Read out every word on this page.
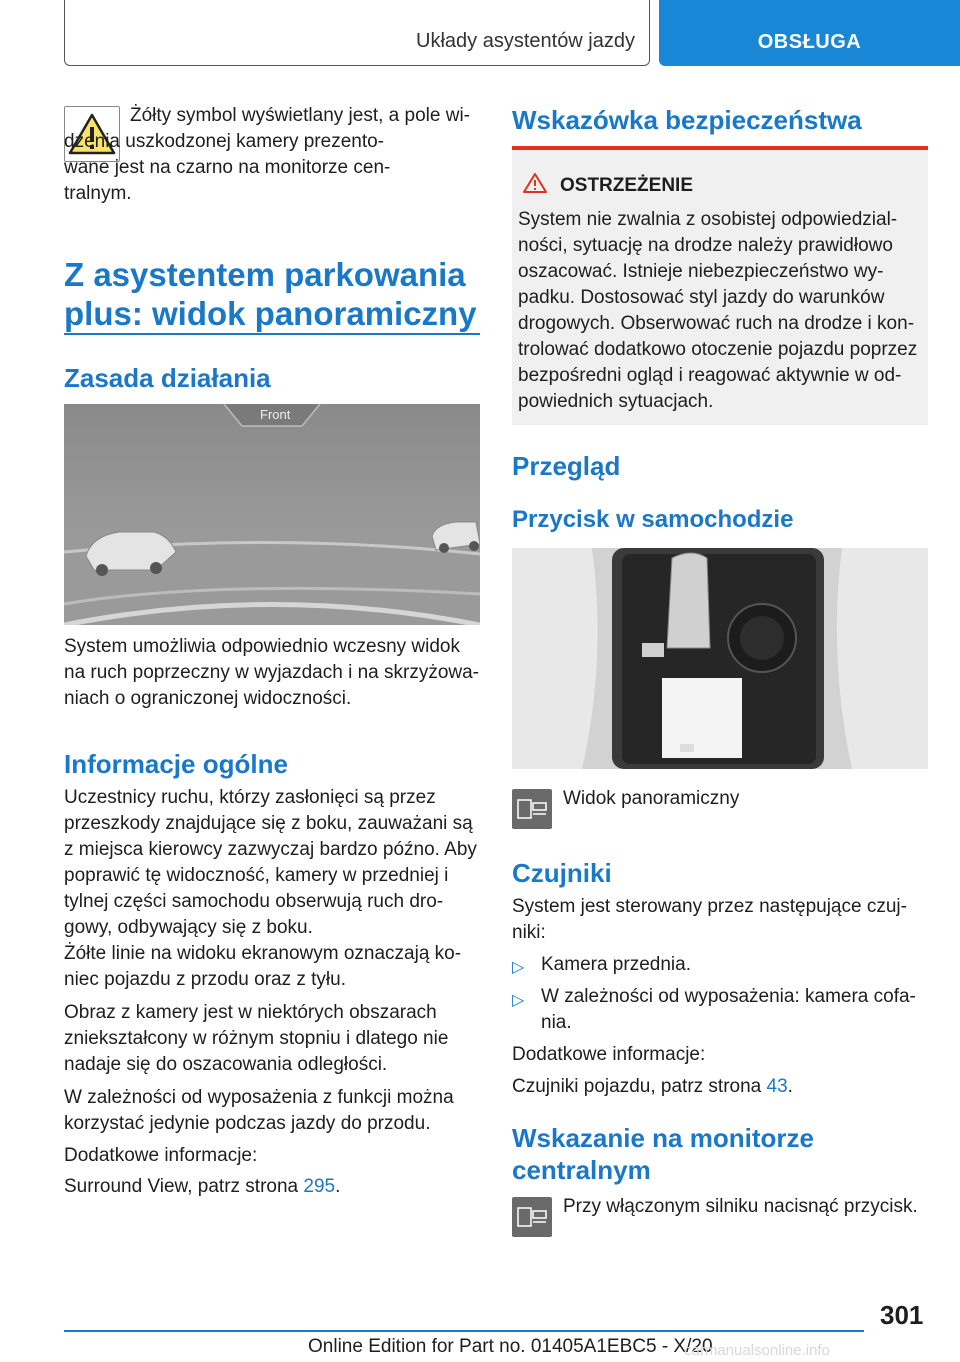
Układy asystentów jazdy	OBSŁUGA

Żółty symbol wyświetlany jest, a pole wi-
dzenia uszkodzonej kamery prezento-
wane jest na czarno na monitorze cen-
tralnym.

Z asystentem parkowania plus: widok panoramiczny
Zasada działania
Front

System umożliwia odpowiednio wczesny widok na ruch poprzeczny w wyjazdach i na skrzyżowa- niach o ograniczonej widoczności.

Informacje ogólne

Uczestnicy ruchu, którzy zasłonięci są przez przeszkody znajdujące się z boku, zauważani są z miejsca kierowcy zazwyczaj bardzo późno. Aby poprawić tę widoczność, kamery w przedniej i tylnej części samochodu obserwują ruch dro- gowy, odbywający się z boku.

Żółte linie na widoku ekranowym oznaczają ko- niec pojazdu z przodu oraz z tyłu.

Obraz z kamery jest w niektórych obszarach zniekształcony w różnym stopniu i dlatego nie nadaje się do oszacowania odległości.

W zależności od wyposażenia z funkcji można korzystać jedynie podczas jazdy do przodu.

Dodatkowe informacje:

Surround View, patrz strona 295.

Wskazówka bezpieczeństwa
OSTRZEŻENIE

System nie zwalnia z osobistej odpowiedzial- ności, sytuację na drodze należy prawidłowo oszacować. Istnieje niebezpieczeństwo wy- padku. Dostosować styl jazdy do warunków drogowych. Obserwować ruch na drodze i kon- trolować dodatkowo otoczenie pojazdu poprzez bezpośredni ogląd i reagować aktywnie w od- powiednich sytuacjach.

Przegląd
Przycisk w samochodzie

Widok panoramiczny

Czujniki

System jest sterowany przez następujące czuj- niki:

▷ Kamera przednia.

▷ W zależności od wyposażenia: kamera cofa- nia.

Dodatkowe informacje:

Czujniki pojazdu, patrz strona 43.

Wskazanie na monitorze centralnym

Przy włączonym silniku nacisnąć przycisk.

301
Online Edition for Part no. 01405A1EBC5 - X/20
carmanualsonline.info
